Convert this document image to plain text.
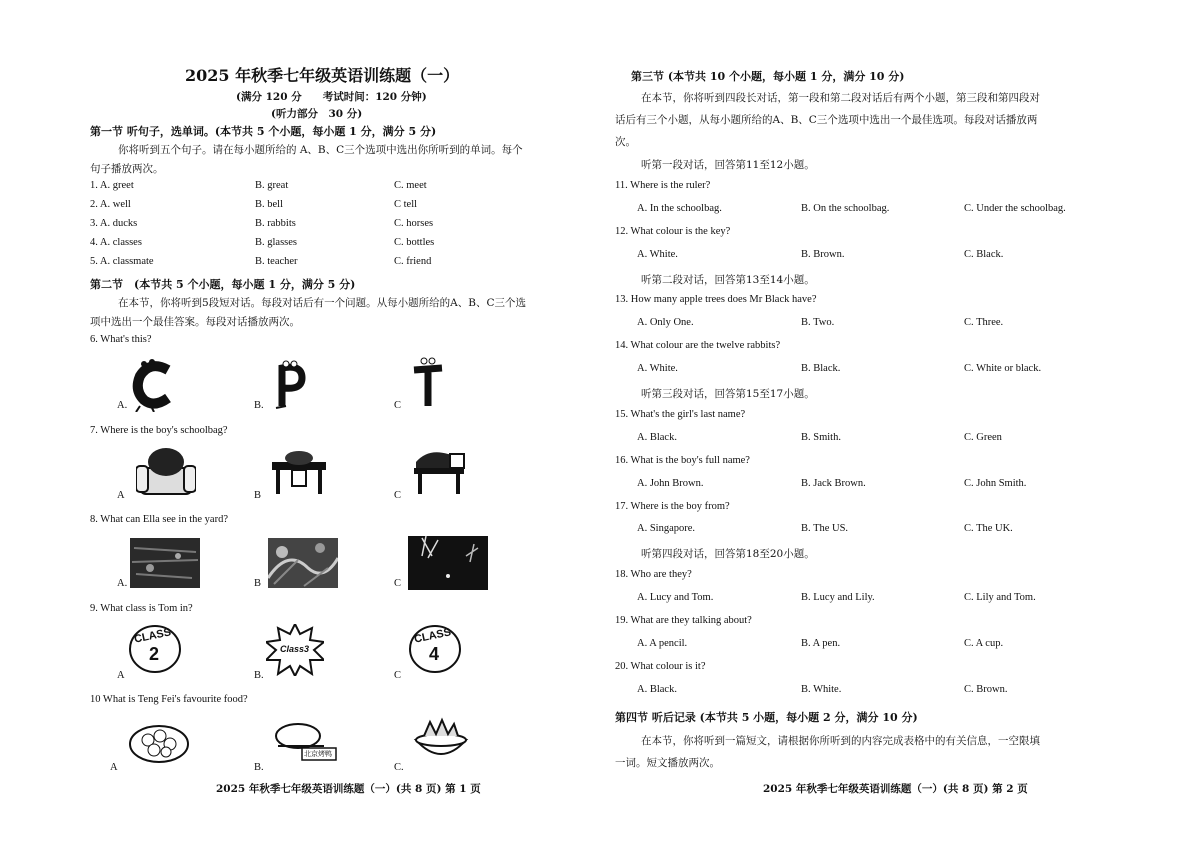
2025 年秋季七年级英语训练题（一）
(满分 120 分　　考试时间：120 分钟)
(听力部分　30 分)
第一节 听句子，选单词。(本节共 5 个小题，每小题 1 分，满分 5 分)
你将听到五个句子。请在每小题所给的 A、B、C三个选项中选出你所听到的单词。每个
句子播放两次。
1. A. greet	B. great	C. meet
2. A. well	B. bell	C tell
3. A. ducks	B. rabbits	C. horses
4. A. classes	B. glasses	C. bottles
5. A. classmate	B. teacher	C. friend
第二节　(本节共 5 个小题，每小题 1 分，满分 5 分)
在本节，你将听到5段短对话。每段对话后有一个问题。从每小题所给的A、B、C三个选
项中选出一个最佳答案。每段对话播放两次。
6. What's this?
A.	B.	C
7. Where is the boy's schoolbag?
A	B	C
8. What can Ella see in the yard?
A.	B	C
9. What class is Tom in?
CLASS
2	Class3
CLASS
4
A	B.	C
10 What is Teng Fei's favourite food?
北京烤鸭
A	B.	C.
2025 年秋季七年级英语训练题（一）(共 8 页) 第 1 页
第三节 (本节共 10 个小题，每小题 1 分，满分 10 分)
在本节，你将听到四段长对话，第一段和第二段对话后有两个小题，第三段和第四段对
话后有三个小题，从每小题所给的A、B、C三个选项中选出一个最佳选项。每段对话播放两
次。
听第一段对话，回答第11至12小题。
11. Where is the ruler?
A. In the schoolbag.	B. On the schoolbag.	C. Under the schoolbag.
12. What colour is the key?
A. White.	B. Brown.	C. Black.
听第二段对话，回答第13至14小题。
13. How many apple trees does Mr Black have?
A. Only One.	B. Two.	C. Three.
14. What colour are the twelve rabbits?
A. White.	B. Black.	C. White or black.
听第三段对话，回答第15至17小题。
15. What's the girl's last name?
A. Black.	B. Smith.	C. Green
16. What is the boy's full name?
A. John Brown.	B. Jack Brown.	C. John Smith.
17. Where is the boy from?
A. Singapore.	B. The US.	C. The UK.
听第四段对话，回答第18至20小题。
18. Who are they?
A. Lucy and Tom.	B. Lucy and Lily.	C. Lily and Tom.
19. What are they talking about?
A. A pencil.	B. A pen.	C. A cup.
20. What colour is it?
A. Black.	B. White.	C. Brown.
第四节 听后记录 (本节共 5 小题，每小题 2 分，满分 10 分)
在本节，你将听到一篇短文，请根据你所听到的内容完成表格中的有关信息，一空限填
一词。短文播放两次。
2025 年秋季七年级英语训练题（一）(共 8 页) 第 2 页
